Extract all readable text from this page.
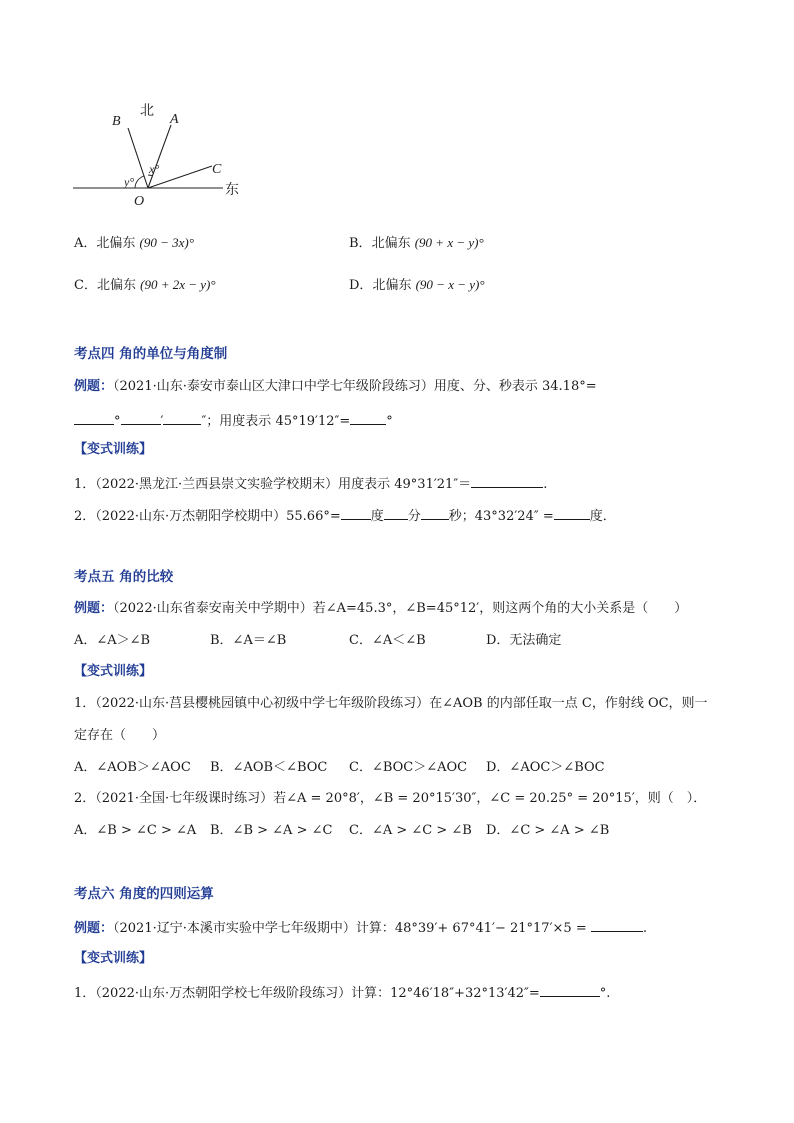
北
东
B	A
C
O
x°
y°
A．北偏东 (90 − 3x)°	B．北偏东 (90 + x − y)°
C．北偏东 (90 + 2x − y)°	D．北偏东 (90 − x − y)°
考点四 角的单位与角度制
例题：（2021·山东·泰安市泰山区大津口中学七年级阶段练习）用度、分、秒表示 34.18°=
°	′	″；用度表示 45°19′12″=	°
【变式训练】
1．（2022·黑龙江·兰西县崇文实验学校期末）用度表示 49°31′21″＝	.
2．（2022·山东·万杰朝阳学校期中）55.66°= 度 分 秒；43°32′24″ =	度．
考点五 角的比较
例题：（2022·山东省泰安南关中学期中）若∠A=45.3°，∠B=45°12′，则这两个角的大小关系是（　　）
A．∠A＞∠B	B．∠A＝∠B	C．∠A＜∠B	D．无法确定
【变式训练】
1．（2022·山东·莒县樱桃园镇中心初级中学七年级阶段练习）在∠AOB 的内部任取一点 C，作射线 OC，则一
定存在（　　）
A．∠AOB＞∠AOC B．∠AOB＜∠BOC C．∠BOC＞∠AOC D．∠AOC＞∠BOC
2．（2021·全国·七年级课时练习）若∠A = 20°8′，∠B = 20°15′30″，∠C = 20.25° = 20°15′，则（　）．
A．∠B > ∠C > ∠A B．∠B > ∠A > ∠C C．∠A > ∠C > ∠B D．∠C > ∠A > ∠B
考点六 角度的四则运算
例题：（2021·辽宁·本溪市实验中学七年级期中）计算：48°39′+ 67°41′− 21°17′×5 =	.
【变式训练】
1．（2022·山东·万杰朝阳学校七年级阶段练习）计算：12°46′18″+32°13′42″=	°.
